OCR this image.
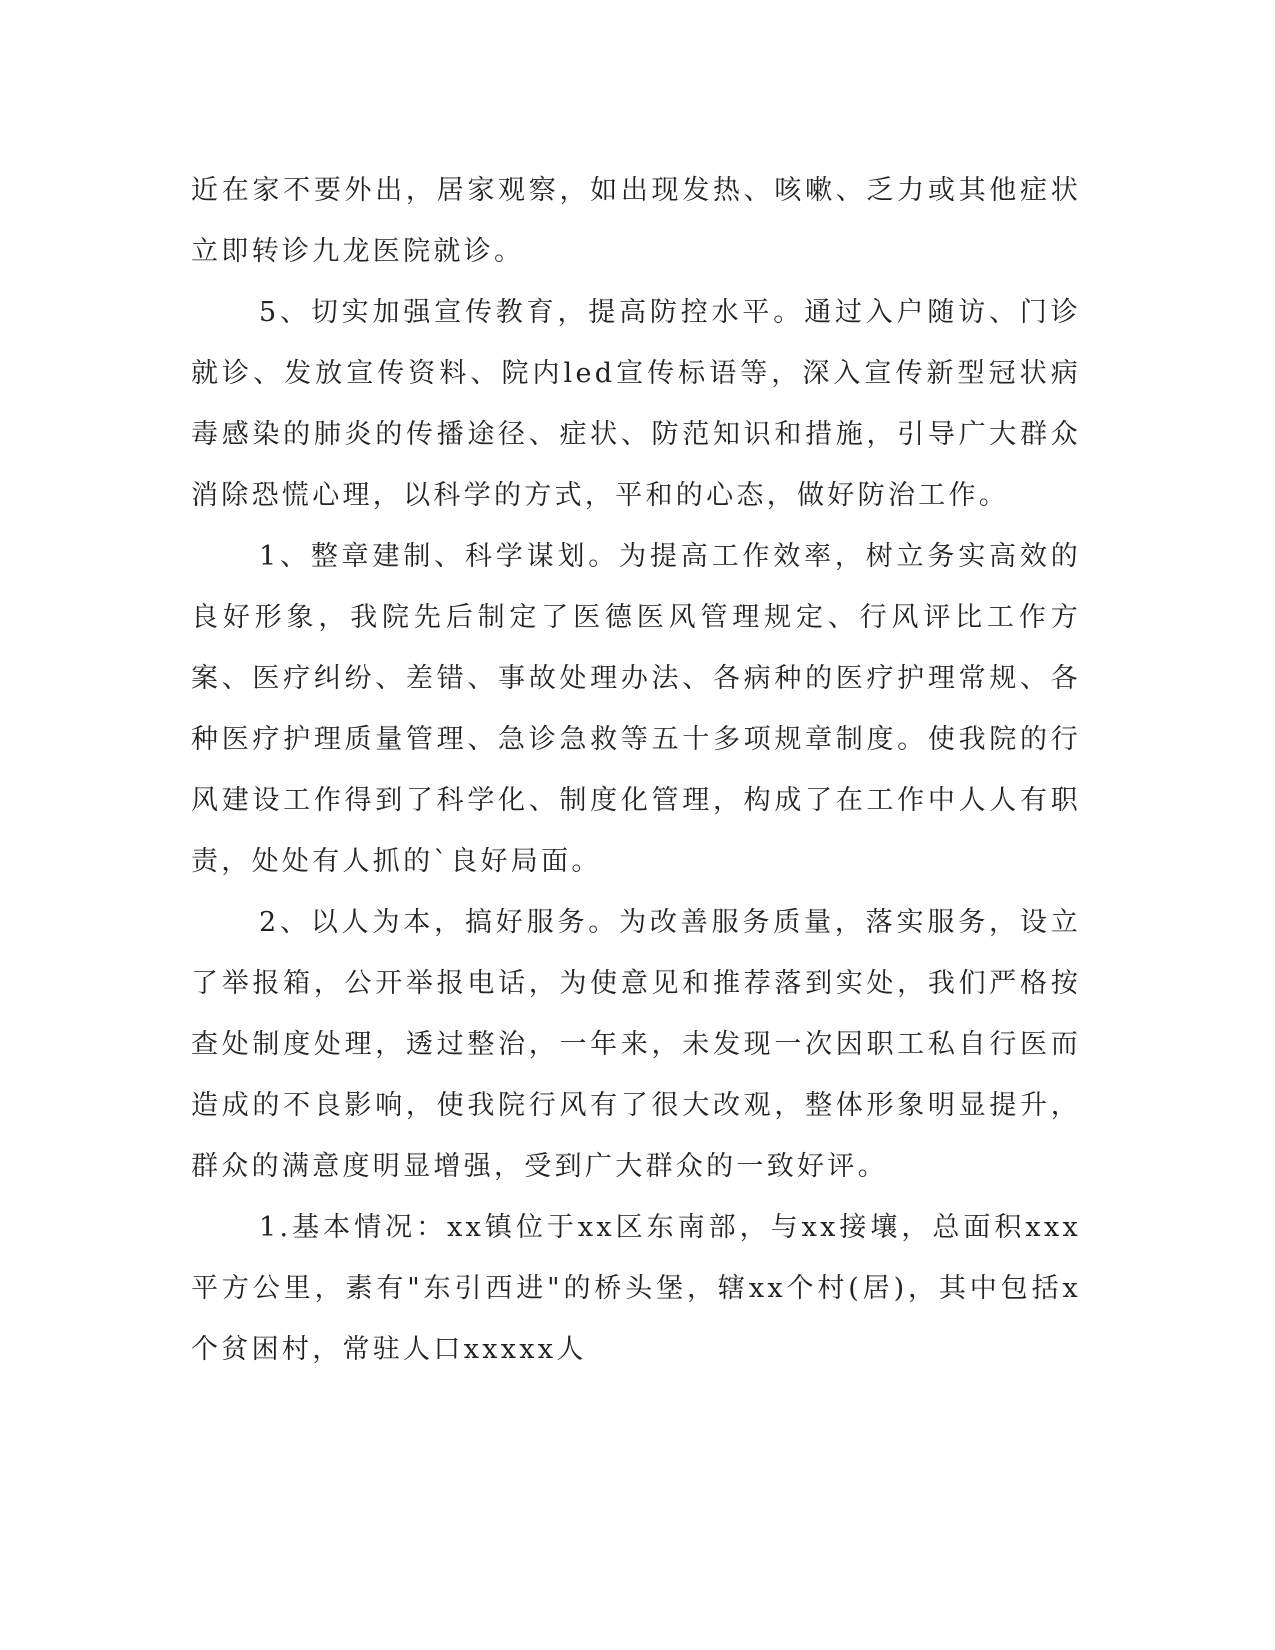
近在家不要外出，居家观察，如出现发热、咳嗽、乏力或其他症状立即转诊九龙医院就诊。

5、切实加强宣传教育，提高防控水平。通过入户随访、门诊就诊、发放宣传资料、院内led宣传标语等，深入宣传新型冠状病毒感染的肺炎的传播途径、症状、防范知识和措施，引导广大群众消除恐慌心理，以科学的方式，平和的心态，做好防治工作。

1、整章建制、科学谋划。为提高工作效率，树立务实高效的良好形象，我院先后制定了医德医风管理规定、行风评比工作方案、医疗纠纷、差错、事故处理办法、各病种的医疗护理常规、各种医疗护理质量管理、急诊急救等五十多项规章制度。使我院的行风建设工作得到了科学化、制度化管理，构成了在工作中人人有职责，处处有人抓的`良好局面。

2、以人为本，搞好服务。为改善服务质量，落实服务，设立了举报箱，公开举报电话，为使意见和推荐落到实处，我们严格按查处制度处理，透过整治，一年来，未发现一次因职工私自行医而造成的不良影响，使我院行风有了很大改观，整体形象明显提升，群众的满意度明显增强，受到广大群众的一致好评。

1.基本情况：xx镇位于xx区东南部，与xx接壤，总面积xxx平方公里，素有"东引西进"的桥头堡，辖xx个村(居)，其中包括x个贫困村，常驻人口xxxxx人
